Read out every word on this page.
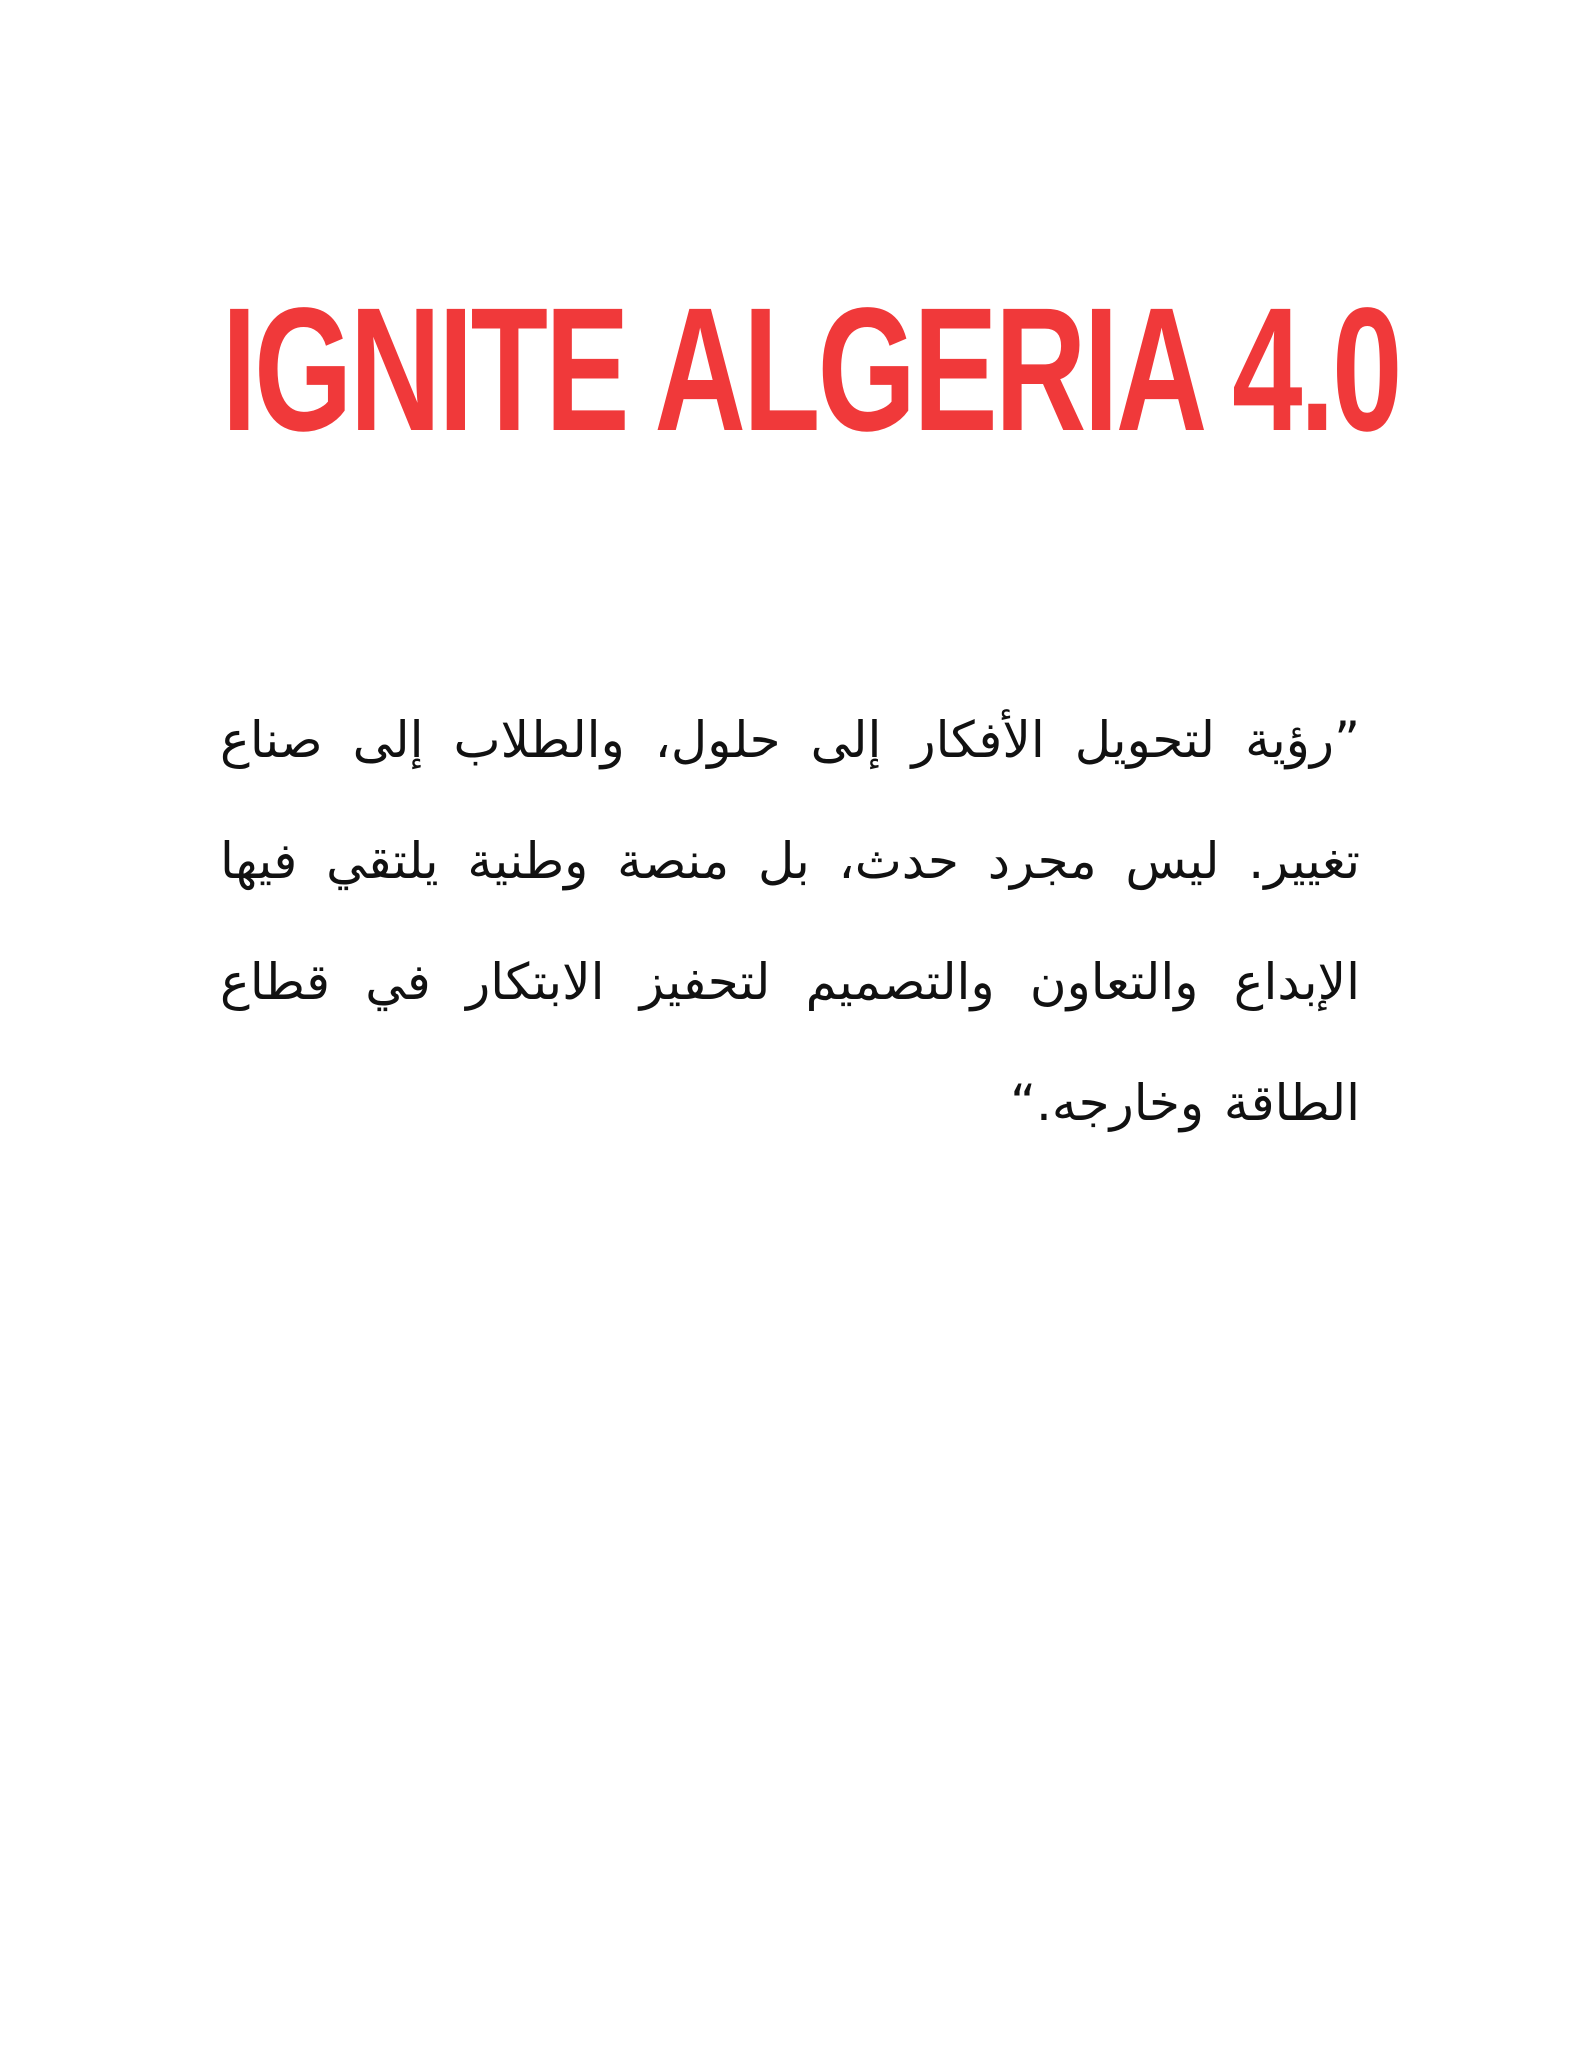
IGNITE ALGERIA 4.0

”رؤية لتحويل الأفكار إلى حلول، والطلاب إلى صناع تغيير. ليس مجرد حدث، بل منصة وطنية يلتقي فيها الإبداع والتعاون والتصميم لتحفيز الابتكار في قطاع الطاقة وخارجه.“
